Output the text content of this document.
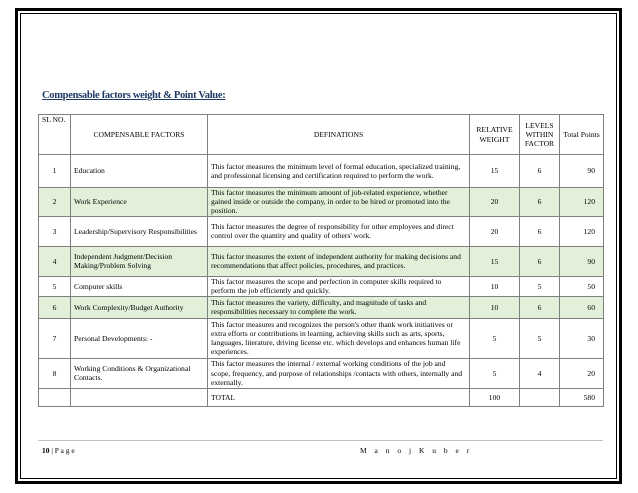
Compensable factors weight & Point Value:
SL NO.	COMPENSABLE FACTORS	DEFINATIONS	RELATIVE WEIGHT	LEVELS WITHIN FACTOR	Total Points
1	Education	This factor measures the minimum level of formal education, specialized training, and professional licensing and certification required to perform the work.	15	6	90
2	Work Experience	This factor measures the minimum amount of job-related experience, whether gained inside or outside the company, in order to be hired or promoted into the position.	20	6	120
3	Leadership/Supervisory Responsibilities	This factor measures the degree of responsibility for other employees and direct control over the quantity and quality of others' work.	20	6	120
4	Independent Judgment/Decision Making/Problem Solving	This factor measures the extent of independent authority for making decisions and recommendations that affect policies, procedures, and practices.	15	6	90
5	Computer skills	This factor measures the scope and perfection in computer skills required to perform the job efficiently and quickly.	10	5	50
6	Work Complexity/Budget Authority	This factor measures the variety, difficulty, and magnitude of tasks and responsibilities necessary to complete the work.	10	6	60
7	Personal Developments: -	This factor measures and recognizes the person's other thank work initiatives or extra efforts or contributions in learning, achieving skills such as arts, sports, languages, literature, driving license etc. which develops and enhances human life experiences.	5	5	30
8	Working Conditions & Organizational Contacts.	This factor measures the internal / external working conditions of the job and scope, frequency, and purpose of relationships /contacts with others, internally and externally.	5	4	20
		TOTAL	100		580
10 | P a g e	M a n o j K u b e r
